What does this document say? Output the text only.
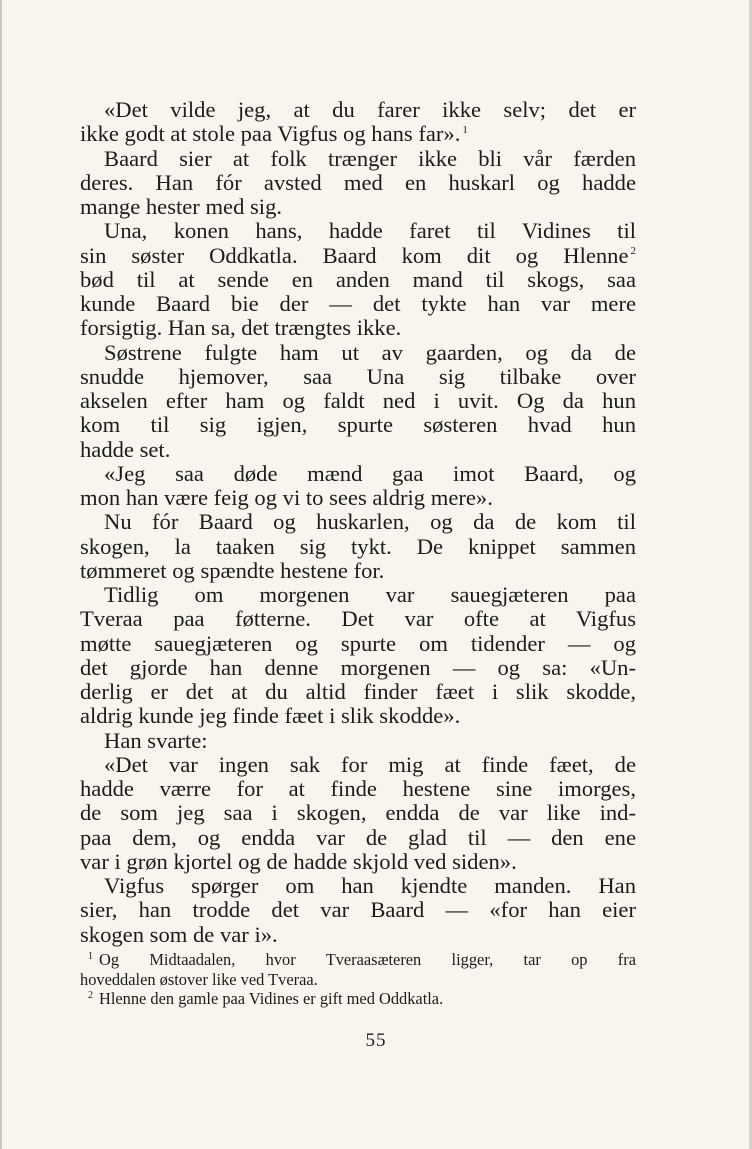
«Det vilde jeg, at du farer ikke selv; det er
ikke godt at stole paa Vigfus og hans far». $^1$
Baard sier at folk trænger ikke bli vår færden
deres. Han fór avsted med en huskarl og hadde
mange hester med sig.
Una, konen hans, hadde faret til Vidines til
sin søster Oddkatla. Baard kom dit og Hlenne $^2$
bød til at sende en anden mand til skogs, saa
kunde Baard bie der — det tykte han var mere
forsigtig. Han sa, det trængtes ikke.
Søstrene fulgte ham ut av gaarden, og da de
snudde hjemover, saa Una sig tilbake over
akselen efter ham og faldt ned i uvit. Og da hun
kom til sig igjen, spurte søsteren hvad hun
hadde set.
«Jeg saa døde mænd gaa imot Baard, og
mon han være feig og vi to sees aldrig mere».
Nu fór Baard og huskarlen, og da de kom til
skogen, la taaken sig tykt. De knippet sammen
tømmeret og spændte hestene for.
Tidlig om morgenen var sauegjæteren paa
Tveraa paa føtterne. Det var ofte at Vigfus
møtte sauegjæteren og spurte om tidender — og
det gjorde han denne morgenen — og sa: «Un-
derlig er det at du altid finder fæet i slik skodde,
aldrig kunde jeg finde fæet i slik skodde».
Han svarte:
«Det var ingen sak for mig at finde fæet, de
hadde værre for at finde hestene sine imorges,
de som jeg saa i skogen, endda de var like ind-
paa dem, og endda var de glad til — den ene
var i grøn kjortel og de hadde skjold ved siden».
Vigfus spørger om han kjendte manden. Han
sier, han trodde det var Baard — «for han eier
skogen som de var i».
$^1$ Og Midtaadalen, hvor Tveraasæteren ligger, tar op fra
hoveddalen østover like ved Tveraa.
$^2$ Hlenne den gamle paa Vidines er gift med Oddkatla.
55
